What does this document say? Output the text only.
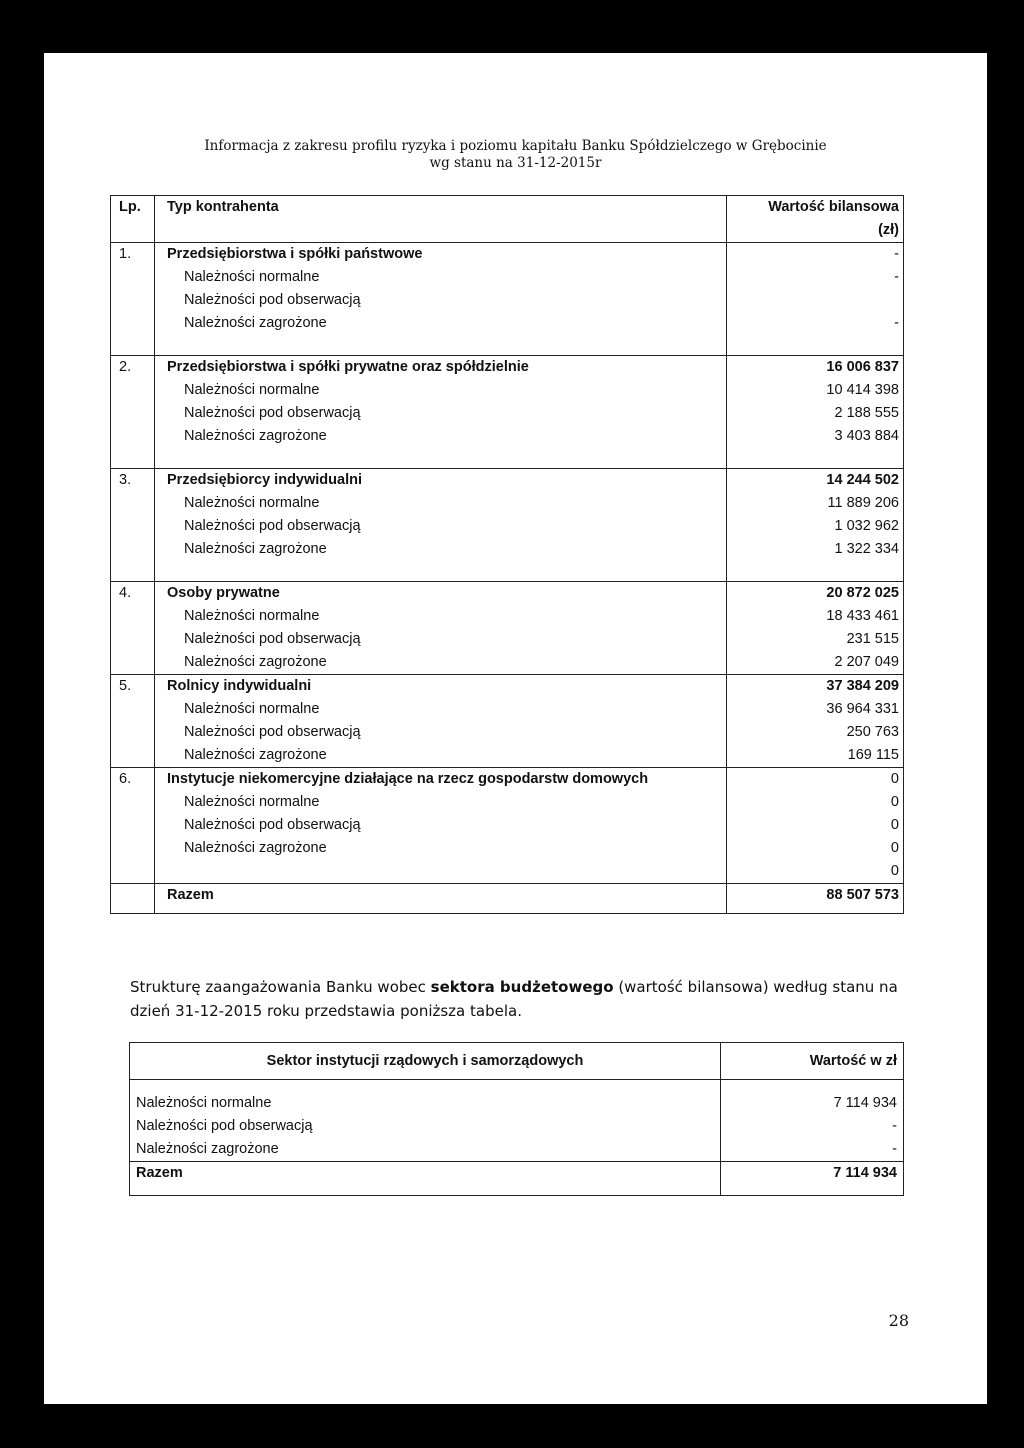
Informacja z zakresu profilu ryzyka i poziomu kapitału Banku Spółdzielczego w Grębocinie
wg stanu na 31-12-2015r
Lp.	Typ kontrahenta	Wartość bilansowa
		(zł)
1.	Przedsiębiorstwa i spółki państwowe	-
	Należności normalne	-
	Należności pod obserwacją	
	Należności zagrożone	-

2.	Przedsiębiorstwa i spółki prywatne oraz spółdzielnie	16 006 837
	Należności normalne	10 414 398
	Należności pod obserwacją	2 188 555
	Należności zagrożone	3 403 884

3.	Przedsiębiorcy indywidualni	14 244 502
	Należności normalne	11 889 206
	Należności pod obserwacją	1 032 962
	Należności zagrożone	1 322 334

4.	Osoby prywatne	20 872 025
	Należności normalne	18 433 461
	Należności pod obserwacją	231 515
	Należności zagrożone	2 207 049
5.	Rolnicy indywidualni	37 384 209
	Należności normalne	36 964 331
	Należności pod obserwacją	250 763
	Należności zagrożone	169 115
6.	Instytucje niekomercyjne działające na rzecz gospodarstw domowych	0
	Należności normalne	0
	Należności pod obserwacją	0
	Należności zagrożone	0
		0
	Razem	88 507 573

Strukturę zaangażowania Banku wobec sektora budżetowego (wartość bilansowa) według stanu na dzień 31-12-2015 roku przedstawia poniższa tabela.
Sektor instytucji rządowych i samorządowych	Wartość w zł

Należności normalne	7 114 934
Należności pod obserwacją	-
Należności zagrożone	-
Razem	7 114 934

28
